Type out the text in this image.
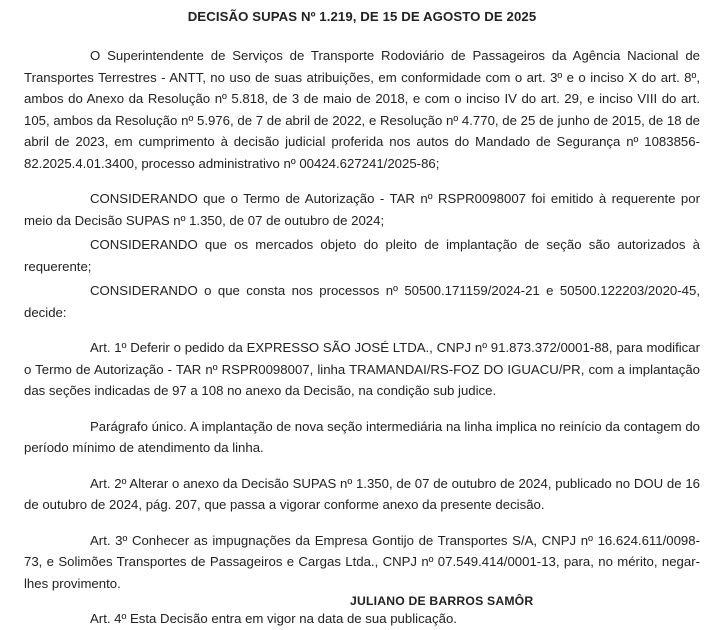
DECISÃO SUPAS Nº 1.219, DE 15 DE AGOSTO DE 2025

O Superintendente de Serviços de Transporte Rodoviário de Passageiros da Agência Nacional de Transportes Terrestres - ANTT, no uso de suas atribuições, em conformidade com o art. 3º e o inciso X do art. 8º, ambos do Anexo da Resolução nº 5.818, de 3 de maio de 2018, e com o inciso IV do art. 29, e inciso VIII do art. 105, ambos da Resolução nº 5.976, de 7 de abril de 2022, e Resolução nº 4.770, de 25 de junho de 2015, de 18 de abril de 2023, em cumprimento à decisão judicial proferida nos autos do Mandado de Segurança nº 1083856-82.2025.4.01.3400, processo administrativo nº 00424.627241/2025-86;

CONSIDERANDO que o Termo de Autorização - TAR nº RSPR0098007 foi emitido à requerente por meio da Decisão SUPAS nº 1.350, de 07 de outubro de 2024;

CONSIDERANDO que os mercados objeto do pleito de implantação de seção são autorizados à requerente;

CONSIDERANDO o que consta nos processos nº 50500.171159/2024-21 e 50500.122203/2020-45, decide:

Art. 1º Deferir o pedido da EXPRESSO SÃO JOSÉ LTDA., CNPJ nº 91.873.372/0001-88, para modificar o Termo de Autorização - TAR nº RSPR0098007, linha TRAMANDAI/RS-FOZ DO IGUACU/PR, com a implantação das seções indicadas de 97 a 108 no anexo da Decisão, na condição sub judice.

Parágrafo único. A implantação de nova seção intermediária na linha implica no reinício da contagem do período mínimo de atendimento da linha.

Art. 2º Alterar o anexo da Decisão SUPAS nº 1.350, de 07 de outubro de 2024, publicado no DOU de 16 de outubro de 2024, pág. 207, que passa a vigorar conforme anexo da presente decisão.

Art. 3º Conhecer as impugnações da Empresa Gontijo de Transportes S/A, CNPJ nº 16.624.611/0098-73, e Solimões Transportes de Passageiros e Cargas Ltda., CNPJ nº 07.549.414/0001-13, para, no mérito, negar-lhes provimento.

Art. 4º Esta Decisão entra em vigor na data de sua publicação.

JULIANO DE BARROS SAMÔR
